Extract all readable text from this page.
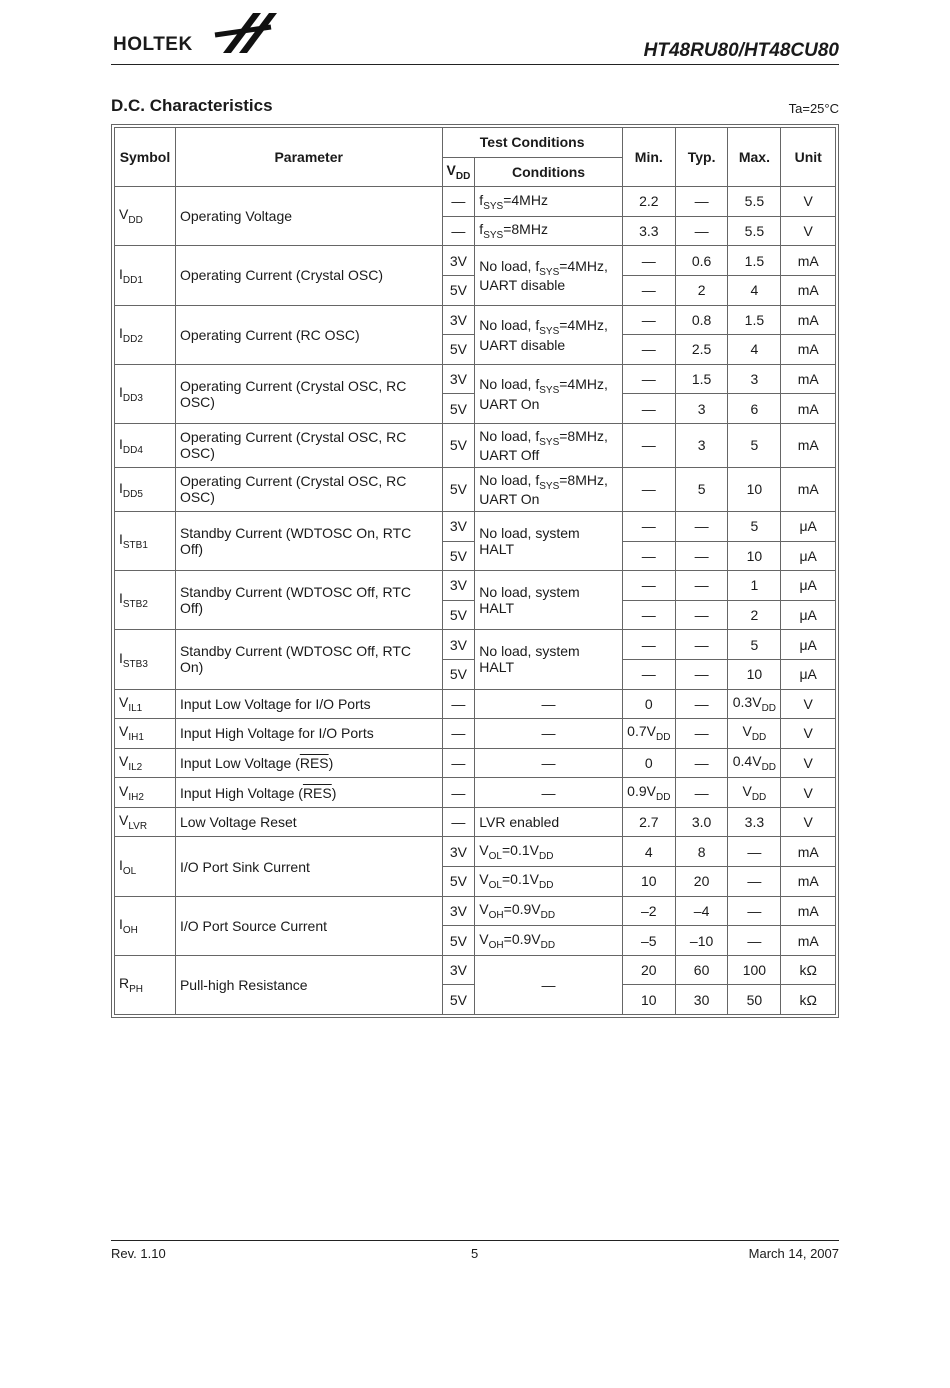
HOLTEK	HT48RU80/HT48CU80
D.C. Characteristics	Ta=25°C
Symbol	Parameter	Test Conditions		Min.	Typ.	Max.	Unit
		$V_{DD}$	Conditions				
$V_{DD}$	Operating Voltage	—	$f_{SYS}=4MHz$	2.2	—	5.5	V
		—	$f_{SYS}=8MHz$	3.3	—	5.5	V
$I_{DD1}$	Operating Current (Crystal OSC)	3V	No load, $f_{SYS}=4MHz$, UART disable	—	0.6	1.5	mA
		5V		—	2	4	mA
$I_{DD2}$	Operating Current (RC OSC)	3V	No load, $f_{SYS}=4MHz$, UART disable	—	0.8	1.5	mA
		5V		—	2.5	4	mA
$I_{DD3}$	Operating Current (Crystal OSC, RC OSC)	3V	No load, $f_{SYS}=4MHz$, UART On	—	1.5	3	mA
		5V		—	3	6	mA
$I_{DD4}$	Operating Current (Crystal OSC, RC OSC)	5V	No load, $f_{SYS}=8MHz$, UART Off	—	3	5	mA
$I_{DD5}$	Operating Current (Crystal OSC, RC OSC)	5V	No load, $f_{SYS}=8MHz$, UART On	—	5	10	mA
$I_{STB1}$	Standby Current (WDTOSC On, RTC Off)	3V	No load, system HALT	—	—	5	μA
		5V		—	—	10	μA
$I_{STB2}$	Standby Current (WDTOSC Off, RTC Off)	3V	No load, system HALT	—	—	1	μA
		5V		—	—	2	μA
$I_{STB3}$	Standby Current (WDTOSC Off, RTC On)	3V	No load, system HALT	—	—	5	μA
		5V		—	—	10	μA
$V_{IL1}$	Input Low Voltage for I/O Ports	—	—	0	—	$0.3V_{DD}$	V
$V_{IH1}$	Input High Voltage for I/O Ports	—	—	$0.7V_{DD}$	—	$V_{DD}$	V
$V_{IL2}$	Input Low Voltage $(\overline{RES})$	—	—	0	—	$0.4V_{DD}$	V
$V_{IH2}$	Input High Voltage $(\overline{RES})$	—	—	$0.9V_{DD}$	—	$V_{DD}$	V
$V_{LVR}$	Low Voltage Reset	—	LVR enabled	2.7	3.0	3.3	V
$I_{OL}$	I/O Port Sink Current	3V	$V_{OL}=0.1V_{DD}$	4	8	—	mA
		5V	$V_{OL}=0.1V_{DD}$	10	20	—	mA
$I_{OH}$	I/O Port Source Current	3V	$V_{OH}=0.9V_{DD}$	–2	–4	—	mA
		5V	$V_{OH}=0.9V_{DD}$	–5	–10	—	mA
$R_{PH}$	Pull-high Resistance	3V	—	20	60	100	kΩ
		5V		10	30	50	kΩ
Rev. 1.10	5	March 14, 2007
